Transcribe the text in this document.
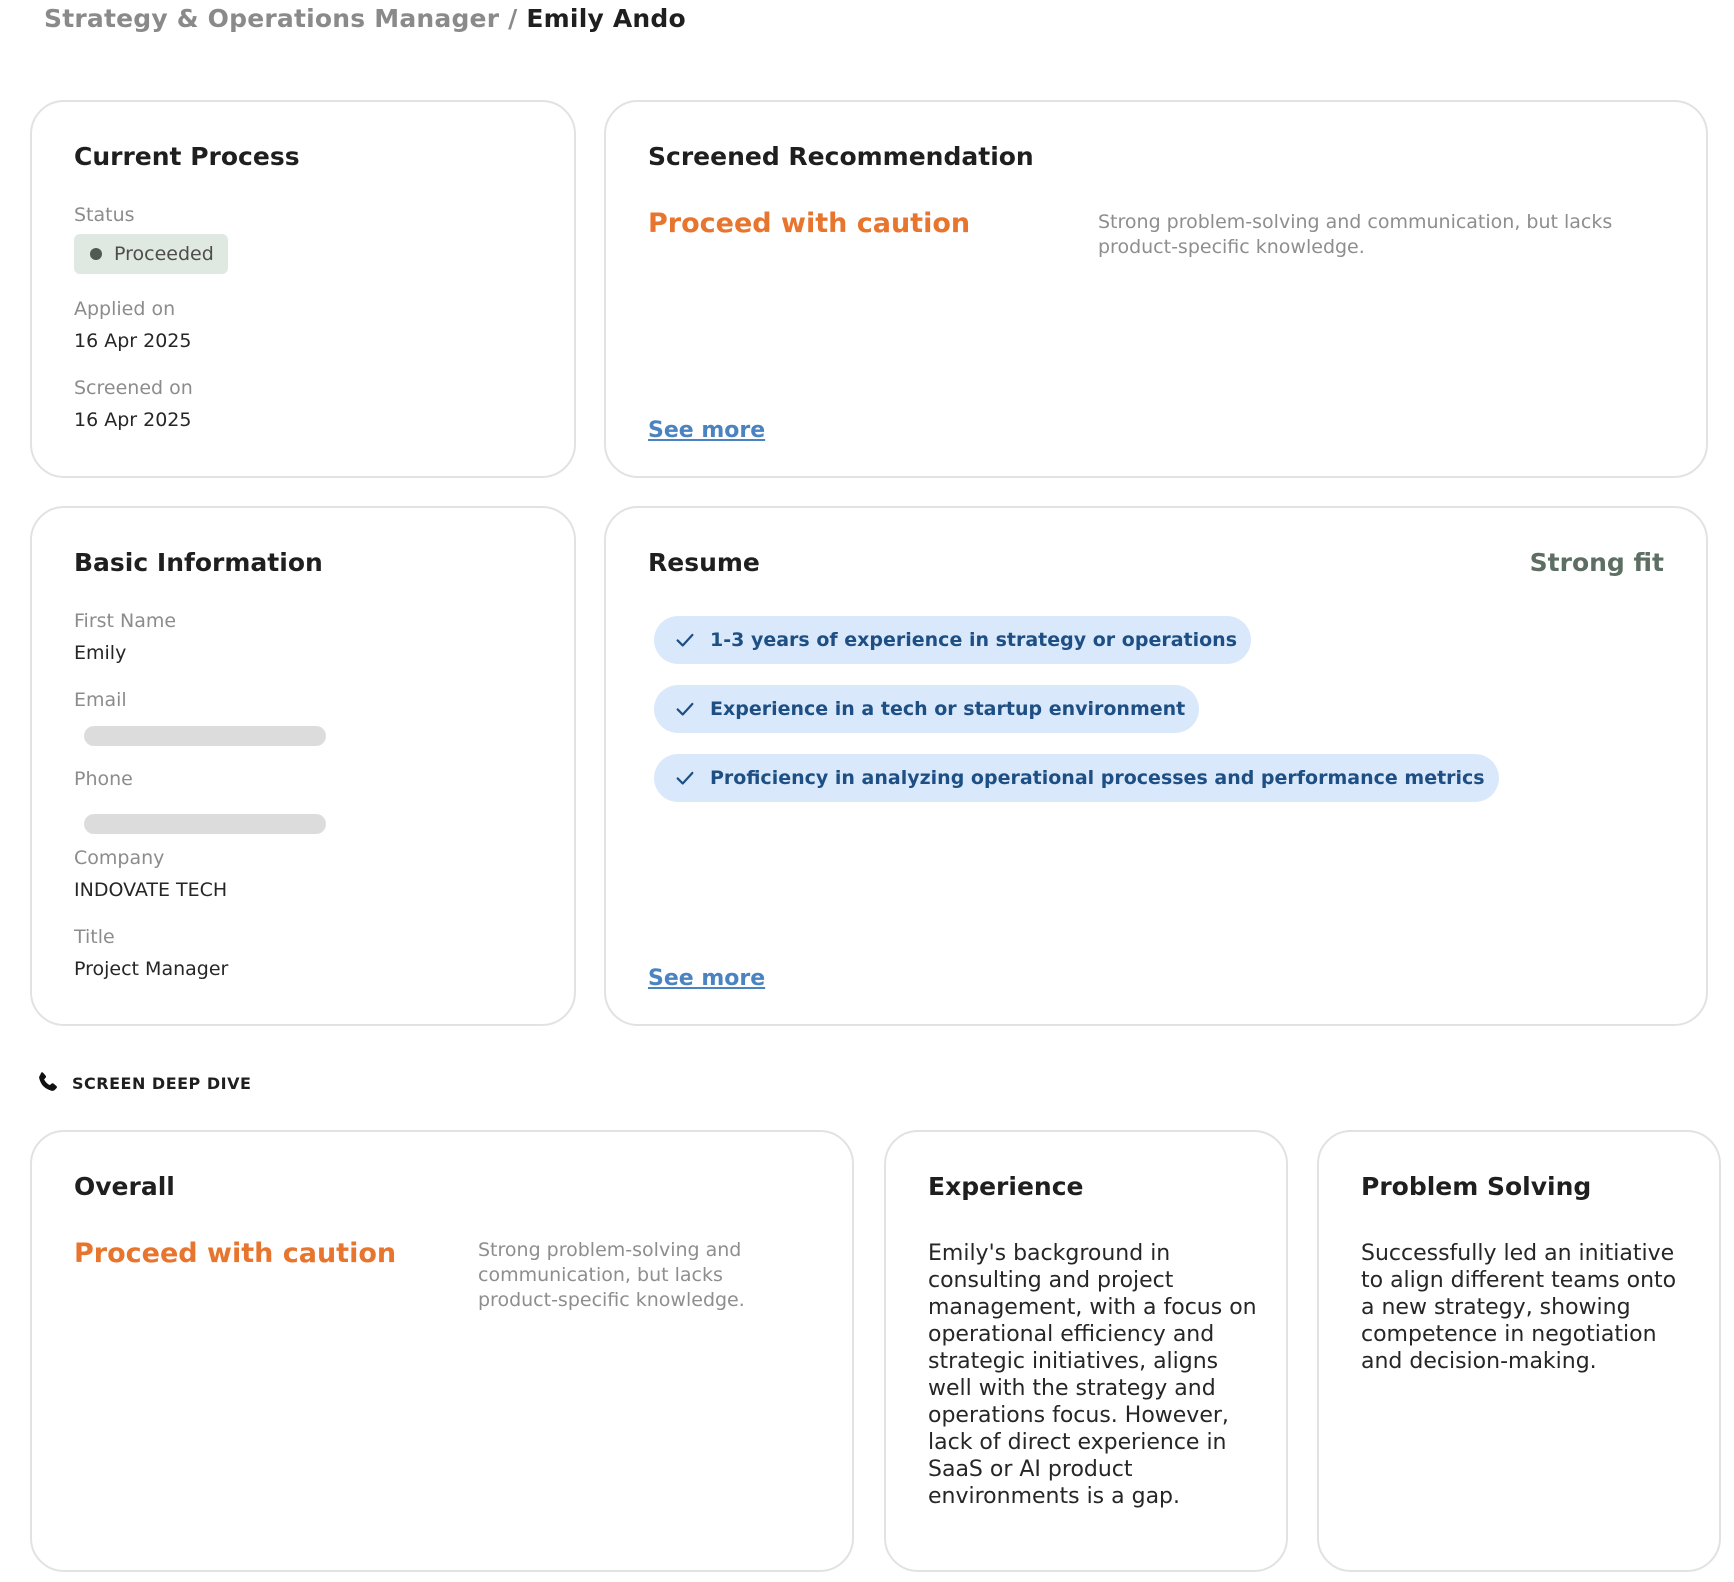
Strategy & Operations Manager / Emily Ando
Current Process
Status
Proceeded
Applied on
16 Apr 2025
Screened on
16 Apr 2025
Screened Recommendation
Proceed with caution	Strong problem-solving and communication, but lacks product-specific knowledge.
See more
Basic Information
First Name
Emily
Email
Phone
Company
INDOVATE TECH
Title
Project Manager
Resume	Strong fit
1-3 years of experience in strategy or operations
Experience in a tech or startup environment
Proficiency in analyzing operational processes and performance metrics
See more
SCREEN DEEP DIVE
Overall
Proceed with caution	Strong problem-solving and communication, but lacks product-specific knowledge.
Experience
Emily's background in consulting and project management, with a focus on operational efficiency and strategic initiatives, aligns well with the strategy and operations focus. However, lack of direct experience in SaaS or AI product environments is a gap.
Problem Solving
Successfully led an initiative to align different teams onto a new strategy, showing competence in negotiation and decision-making.
